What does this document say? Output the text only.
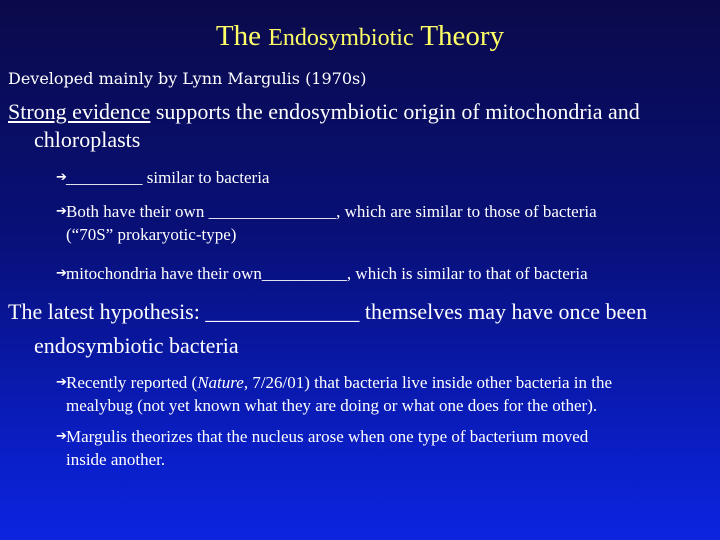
The Endosymbiotic Theory
Developed mainly by Lynn Margulis (1970s)
Strong evidence supports the endosymbiotic origin of mitochondria and
chloroplasts
➔ _________ similar to bacteria
➔ Both have their own _______________, which are similar to those of bacteria
(“70S” prokaryotic-type)
➔ mitochondria have their own__________, which is similar to that of bacteria
The latest hypothesis: ______________ themselves may have once been
endosymbiotic bacteria
➔ Recently reported (Nature, 7/26/01) that bacteria live inside other bacteria in the
mealybug (not yet known what they are doing or what one does for the other).
➔ Margulis theorizes that the nucleus arose when one type of bacterium moved
inside another.
